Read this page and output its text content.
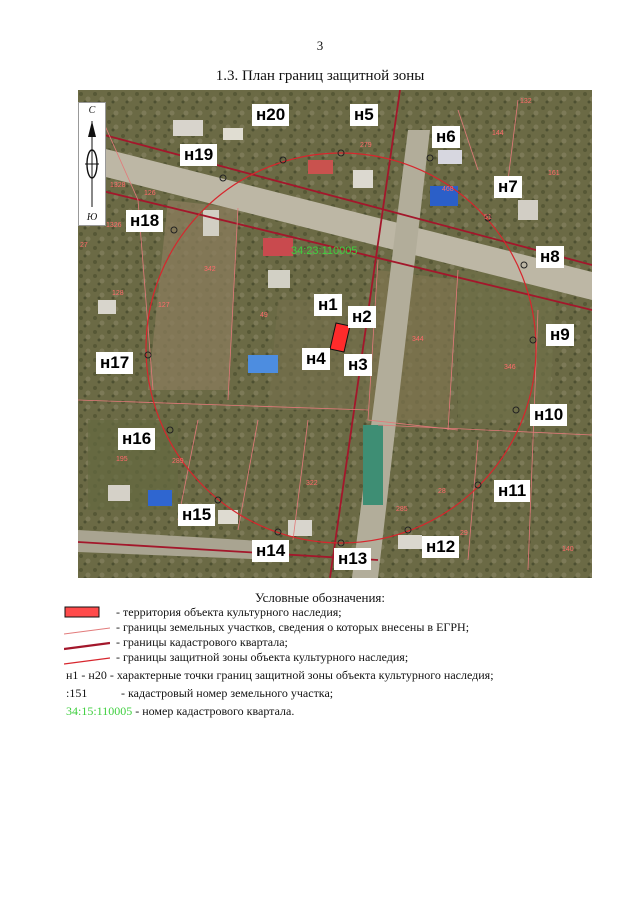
3
1.3. План границ защитной зоны
С
Ю
34:23:110005
н1
н2
н3
н4
н5
н6
н7
н8
н9
н10
н11
н12
н13
н14
н15
н16
н17
н18
н19
н20
132
144
161
279
468
51
1328
126
1326
342
49
127
128
344
346
195	289
28
322
285
29
140
27
Условные обозначения:
- территория объекта культурного наследия;
- границы земельных участков, сведения о которых внесены в ЕГРН;
- границы кадастрового квартала;
- границы защитной зоны объекта культурного наследия;
н1 - н20 - характерные точки границ защитной зоны объекта культурного наследия;
:151	- кадастровый номер земельного участка;
34:15:110005 - номер кадастрового квартала.
